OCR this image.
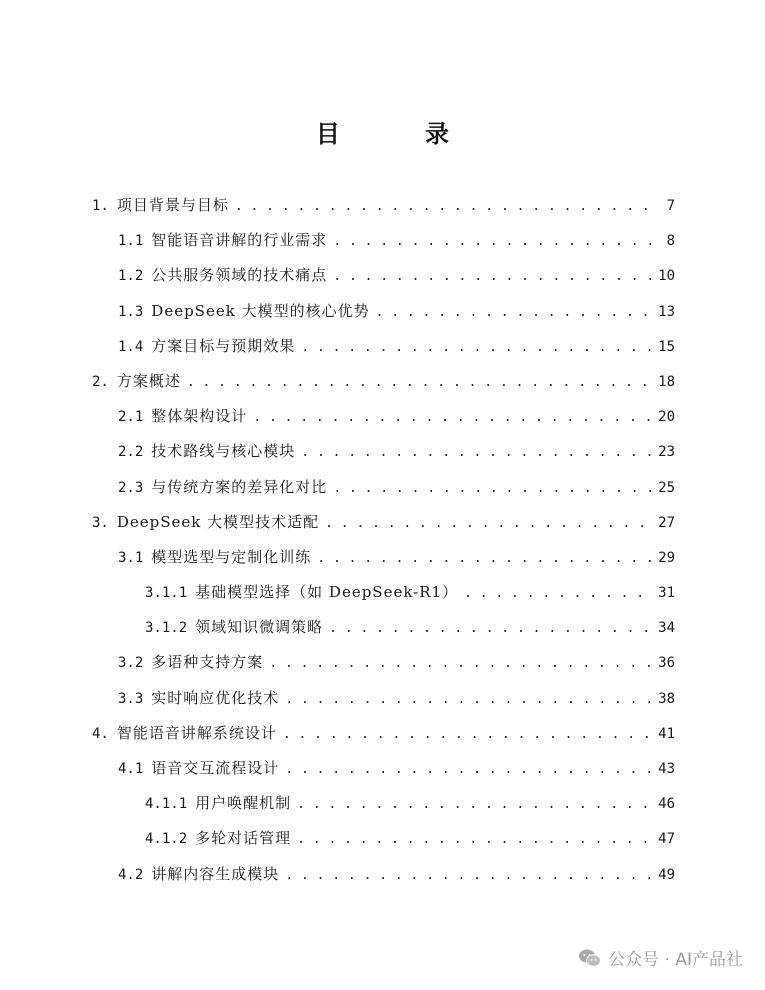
目 录
1. 项目背景与目标 . . .	7
1.1 智能语音讲解的行业需求 . . .	8
1.2 公共服务领域的技术痛点 . . .	10
1.3 DeepSeek 大模型的核心优势 . . .	13
1.4 方案目标与预期效果 . . .	15
2. 方案概述 . . .	18
2.1 整体架构设计 . . .	20
2.2 技术路线与核心模块 . . .	23
2.3 与传统方案的差异化对比 . . .	25
3. DeepSeek 大模型技术适配 . . .	27
3.1 模型选型与定制化训练 . . .	29
3.1.1 基础模型选择（如 DeepSeek-R1） . . .	31
3.1.2 领域知识微调策略 . . .	34
3.2 多语种支持方案 . . .	36
3.3 实时响应优化技术 . . .	38
4. 智能语音讲解系统设计 . . .	41
4.1 语音交互流程设计 . . .	43
4.1.1 用户唤醒机制 . . .	46
4.1.2 多轮对话管理 . . .	47
4.2 讲解内容生成模块 . . .	49
公众号 · AI产品社
